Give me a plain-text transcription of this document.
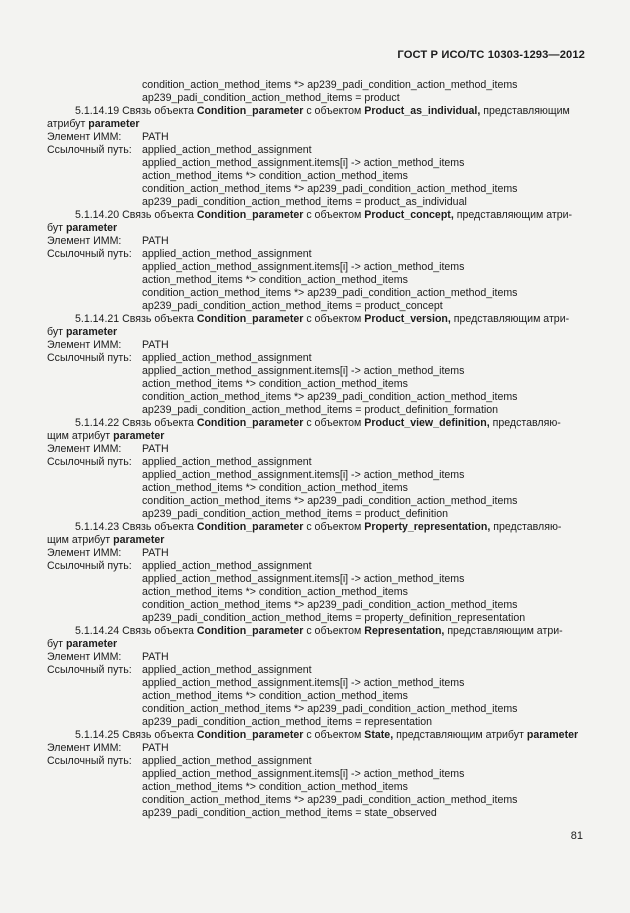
ГОСТ Р ИСО/ТС 10303-1293—2012
condition_action_method_items *> ap239_padi_condition_action_method_items
ap239_padi_condition_action_method_items = product
5.1.14.19 Связь объекта Condition_parameter с объектом Product_as_individual, представляющим
атрибут parameter
Элемент ИММ:	PATH
Ссылочный путь: applied_action_method_assignment
applied_action_method_assignment.items[i] -> action_method_items
action_method_items *> condition_action_method_items
condition_action_method_items *> ap239_padi_condition_action_method_items
ap239_padi_condition_action_method_items = product_as_individual
5.1.14.20 Связь объекта Condition_parameter с объектом Product_concept, представляющим атри-
бут parameter
Элемент ИММ:	PATH
Ссылочный путь: applied_action_method_assignment
applied_action_method_assignment.items[i] -> action_method_items
action_method_items *> condition_action_method_items
condition_action_method_items *> ap239_padi_condition_action_method_items
ap239_padi_condition_action_method_items = product_concept
5.1.14.21 Связь объекта Condition_parameter с объектом Product_version, представляющим атри-
бут parameter
Элемент ИММ:	PATH
Ссылочный путь: applied_action_method_assignment
applied_action_method_assignment.items[i] -> action_method_items
action_method_items *> condition_action_method_items
condition_action_method_items *> ap239_padi_condition_action_method_items
ap239_padi_condition_action_method_items = product_definition_formation
5.1.14.22 Связь объекта Condition_parameter с объектом Product_view_definition, представляю-
щим атрибут parameter
Элемент ИММ:	PATH
Ссылочный путь: applied_action_method_assignment
applied_action_method_assignment.items[i] -> action_method_items
action_method_items *> condition_action_method_items
condition_action_method_items *> ap239_padi_condition_action_method_items
ap239_padi_condition_action_method_items = product_definition
5.1.14.23 Связь объекта Condition_parameter с объектом Property_representation, представляю-
щим атрибут parameter
Элемент ИММ:	PATH
Ссылочный путь: applied_action_method_assignment
applied_action_method_assignment.items[i] -> action_method_items
action_method_items *> condition_action_method_items
condition_action_method_items *> ap239_padi_condition_action_method_items
ap239_padi_condition_action_method_items = property_definition_representation
5.1.14.24 Связь объекта Condition_parameter с объектом Representation, представляющим атри-
бут parameter
Элемент ИММ:	PATH
Ссылочный путь: applied_action_method_assignment
applied_action_method_assignment.items[i] -> action_method_items
action_method_items *> condition_action_method_items
condition_action_method_items *> ap239_padi_condition_action_method_items
ap239_padi_condition_action_method_items = representation
5.1.14.25 Связь объекта Condition_parameter с объектом State, представляющим атрибут parameter
Элемент ИММ:	PATH
Ссылочный путь: applied_action_method_assignment
applied_action_method_assignment.items[i] -> action_method_items
action_method_items *> condition_action_method_items
condition_action_method_items *> ap239_padi_condition_action_method_items
ap239_padi_condition_action_method_items = state_observed
81
